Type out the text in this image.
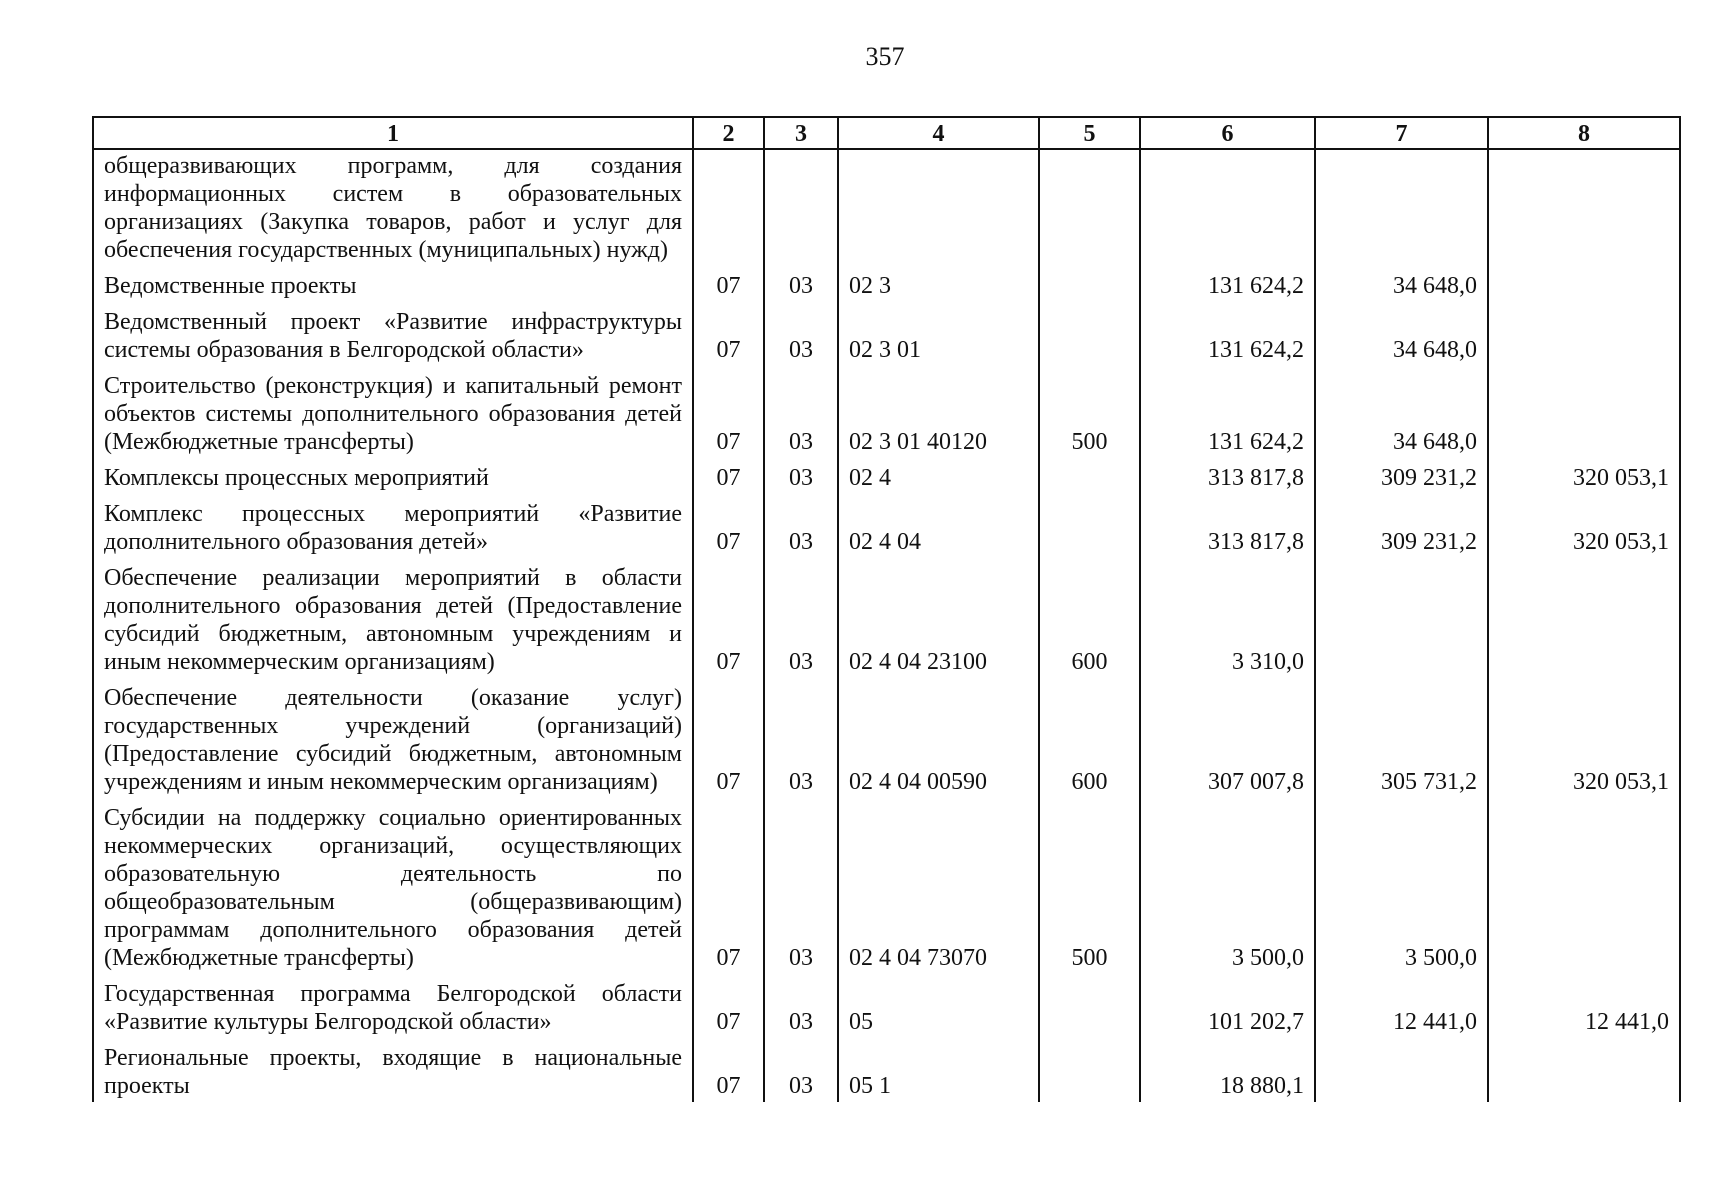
357
1	2	3	4	5	6	7	8
общеразвивающих программ, для создания информационных систем в образовательных организациях (Закупка товаров, работ и услуг для обеспечения государственных (муниципальных) нужд)							
Ведомственные проекты	07	03	02 3		131 624,2	34 648,0	
Ведомственный проект «Развитие инфраструктуры системы образования в Белгородской области»	07	03	02 3 01		131 624,2	34 648,0	
Строительство (реконструкция) и капитальный ремонт объектов системы дополнительного образования детей (Межбюджетные трансферты)	07	03	02 3 01 40120	500	131 624,2	34 648,0	
Комплексы процессных мероприятий	07	03	02 4		313 817,8	309 231,2	320 053,1
Комплекс процессных мероприятий «Развитие дополнительного образования детей»	07	03	02 4 04		313 817,8	309 231,2	320 053,1
Обеспечение реализации мероприятий в области дополнительного образования детей (Предоставление субсидий бюджетным, автономным учреждениям и иным некоммерческим организациям)	07	03	02 4 04 23100	600	3 310,0		
Обеспечение деятельности (оказание услуг) государственных учреждений (организаций) (Предоставление субсидий бюджетным, автономным учреждениям и иным некоммерческим организациям)	07	03	02 4 04 00590	600	307 007,8	305 731,2	320 053,1
Субсидии на поддержку социально ориентированных некоммерческих организаций, осуществляющих образовательную деятельность по общеобразовательным (общеразвивающим) программам дополнительного образования детей (Межбюджетные трансферты)	07	03	02 4 04 73070	500	3 500,0	3 500,0	
Государственная программа Белгородской области «Развитие культуры Белгородской области»	07	03	05		101 202,7	12 441,0	12 441,0
Региональные проекты, входящие в национальные проекты	07	03	05 1		18 880,1		
